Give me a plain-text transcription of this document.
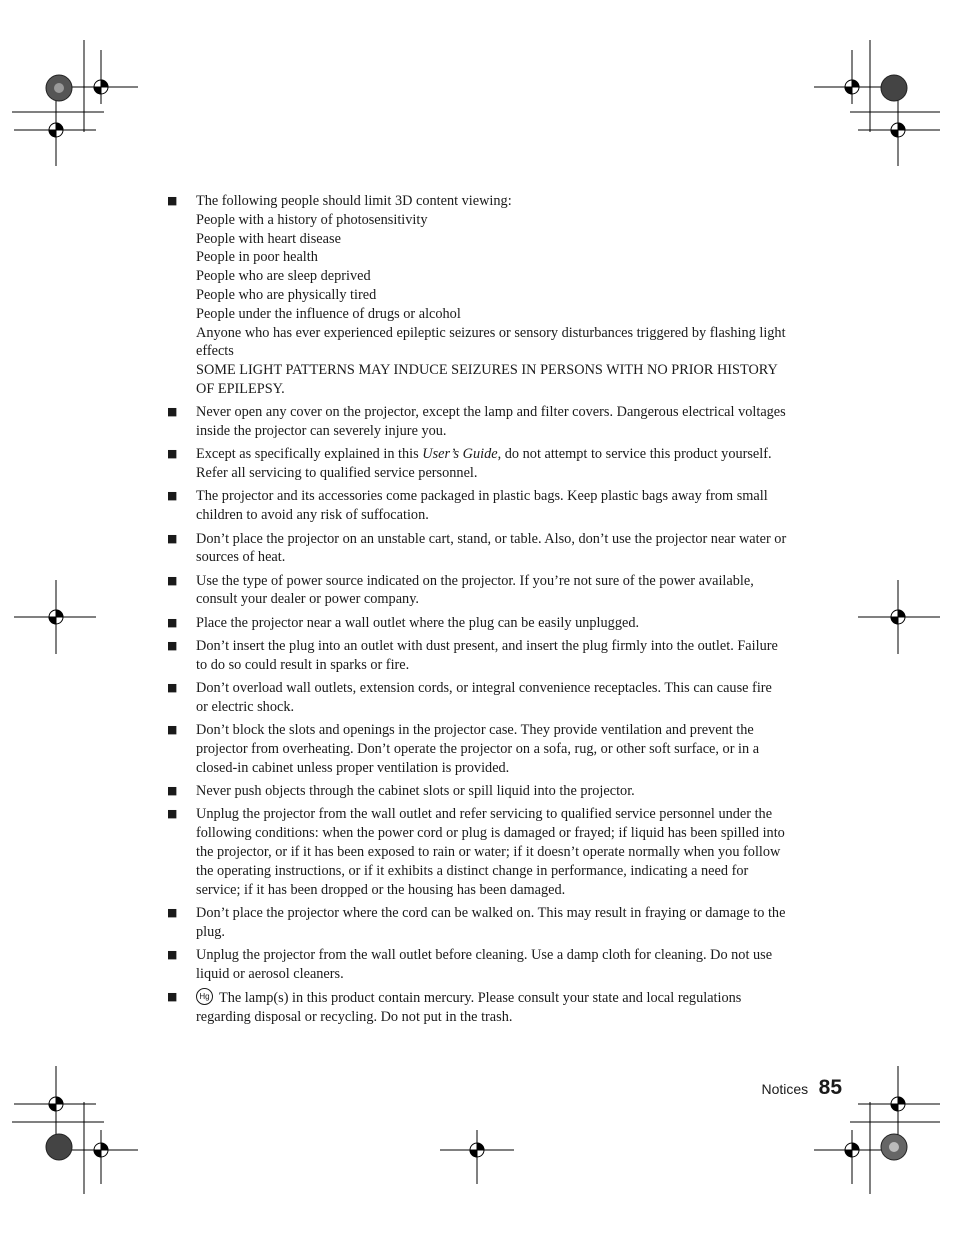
■ The following people should limit 3D content viewing:
People with a history of photosensitivity
People with heart disease
People in poor health
People who are sleep deprived
People who are physically tired
People under the influence of drugs or alcohol
Anyone who has ever experienced epileptic seizures or sensory disturbances triggered by flashing light effects
SOME LIGHT PATTERNS MAY INDUCE SEIZURES IN PERSONS WITH NO PRIOR HISTORY OF EPILEPSY.
■ Never open any cover on the projector, except the lamp and filter covers. Dangerous electrical voltages inside the projector can severely injure you.
■ Except as specifically explained in this User’s Guide, do not attempt to service this product yourself. Refer all servicing to qualified service personnel.
■ The projector and its accessories come packaged in plastic bags. Keep plastic bags away from small children to avoid any risk of suffocation.
■ Don’t place the projector on an unstable cart, stand, or table. Also, don’t use the projector near water or sources of heat.
■ Use the type of power source indicated on the projector. If you’re not sure of the power available, consult your dealer or power company.
■ Place the projector near a wall outlet where the plug can be easily unplugged.
■ Don’t insert the plug into an outlet with dust present, and insert the plug firmly into the outlet. Failure to do so could result in sparks or fire.
■ Don’t overload wall outlets, extension cords, or integral convenience receptacles. This can cause fire or electric shock.
■ Don’t block the slots and openings in the projector case. They provide ventilation and prevent the projector from overheating. Don’t operate the projector on a sofa, rug, or other soft surface, or in a closed-in cabinet unless proper ventilation is provided.
■ Never push objects through the cabinet slots or spill liquid into the projector.
■ Unplug the projector from the wall outlet and refer servicing to qualified service personnel under the following conditions: when the power cord or plug is damaged or frayed; if liquid has been spilled into the projector, or if it has been exposed to rain or water; if it doesn’t operate normally when you follow the operating instructions, or if it exhibits a distinct change in performance, indicating a need for service; if it has been dropped or the housing has been damaged.
■ Don’t place the projector where the cord can be walked on. This may result in fraying or damage to the plug.
■ Unplug the projector from the wall outlet before cleaning. Use a damp cloth for cleaning. Do not use liquid or aerosol cleaners.
■	Hg The lamp(s) in this product contain mercury. Please consult your state and local regulations regarding disposal or recycling. Do not put in the trash.
Notices 85
